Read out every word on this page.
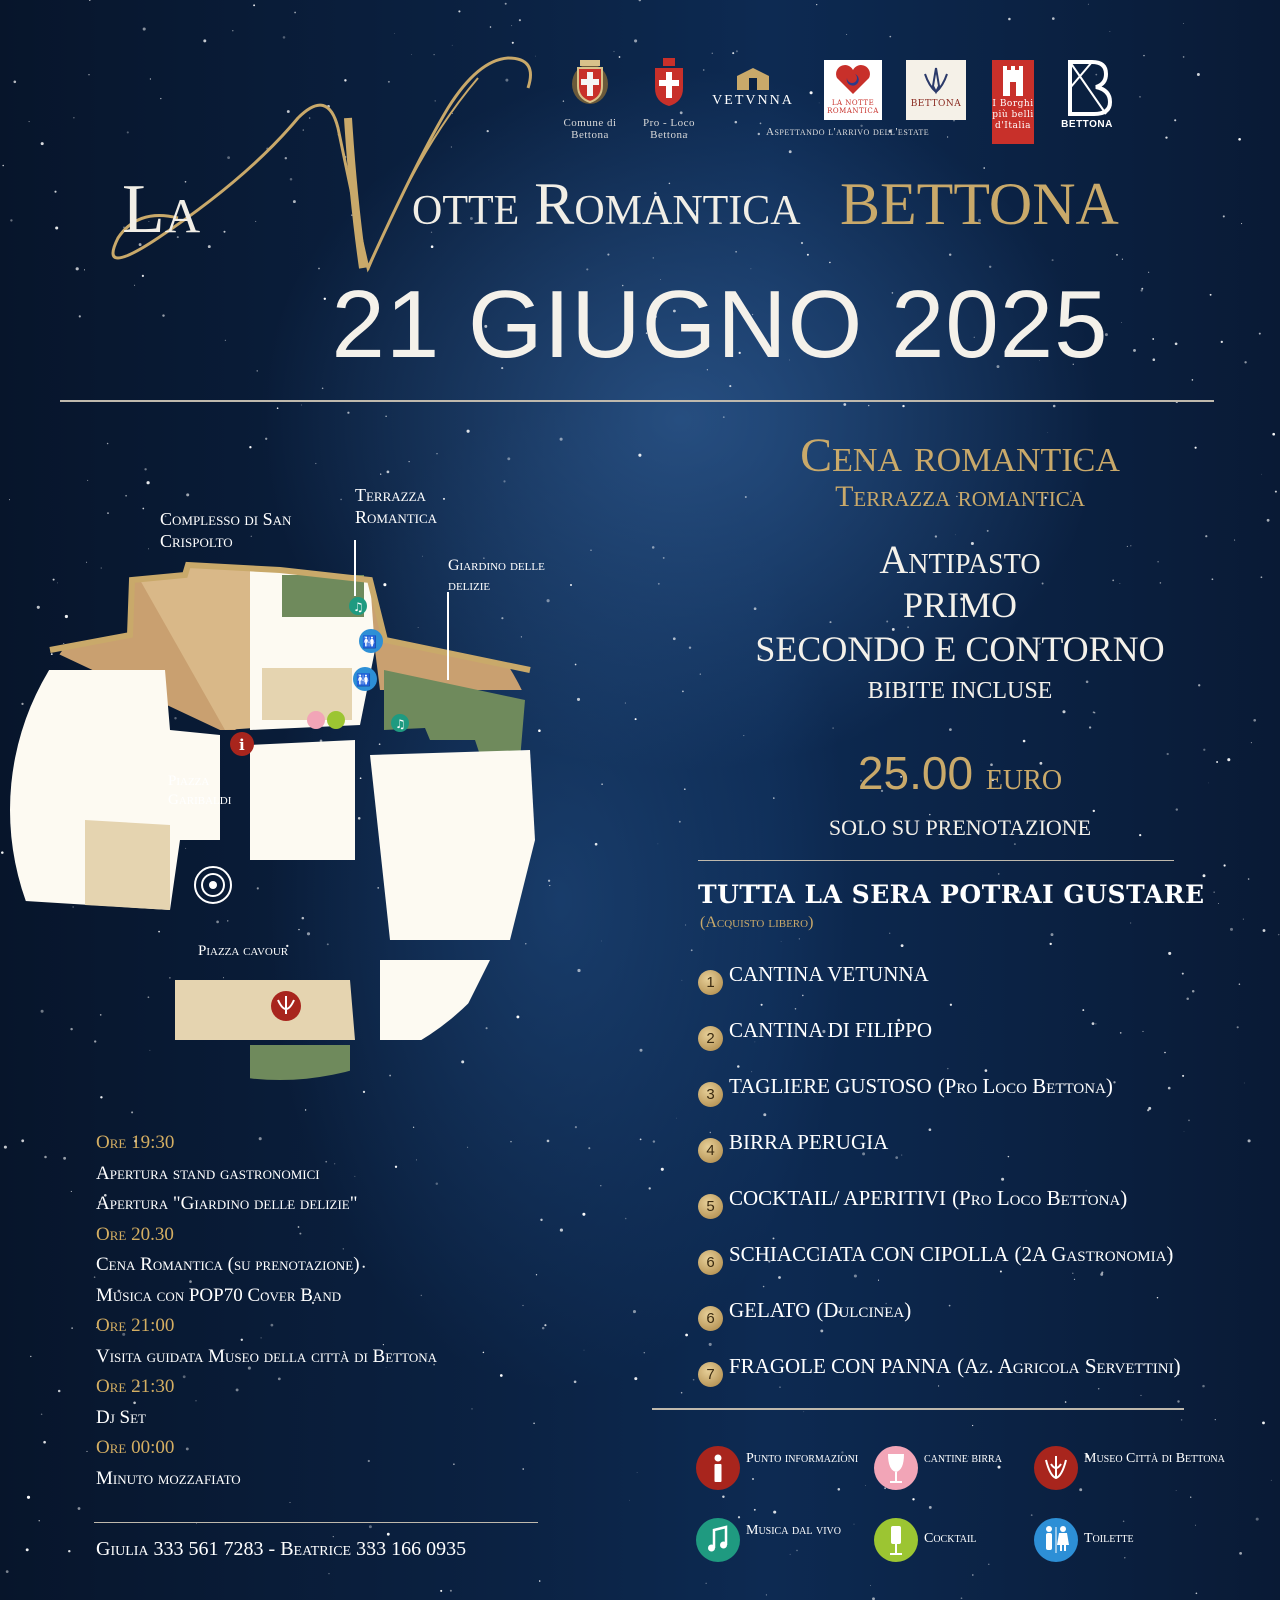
Comune di Bettona
Pro - Loco Bettona
VETVNNA	LA NOTTE ROMANTICA
BETTONA	I Borghi più belli d'Italia	BETTONA
Aspettando l'arrivo dell'estate
La	otte Romantica BETTONA
21 GIUGNO 2025
♫
🚻
🚻
♫
i
Complesso di San Crispolto
Terrazza Romantica
Giardino delle delizie
Piazza Garibaldi
Piazza cavour
Cena romantica
Terrazza romantica
Antipasto
PRIMO
SECONDO E CONTORNO
BIBITE INCLUSE
25.00 euro
SOLO SU PRENOTAZIONE
TUTTA LA SERA POTRAI GUSTARE
(Acquisto libero)
1 CANTINA VETUNNA
2 CANTINA DI FILIPPO
3 TAGLIERE GUSTOSO (Pro Loco Bettona)
4 BIRRA PERUGIA
5 COCKTAIL/ APERITIVI (Pro Loco Bettona)
6 SCHIACCIATA CON CIPOLLA (2A Gastronomia)
6 GELATO (Dulcinea)
7 FRAGOLE CON PANNA (Az. Agricola Servettini)
Ore 19:30
Apertura stand gastronomici
Apertura "Giardino delle delizie"
Ore 20.30
Cena Romantica (su prenotazione)
Musica con POP70 Cover Band
Ore 21:00
Visita guidata Museo della città di Bettona
Ore 21:30
Dj Set
Ore 00:00
Minuto mozzafiato
Giulia 333 561 7283 - Beatrice 333 166 0935
Punto informazioni	cantine birra	Museo Città di Bettona
Musica dal vivo
Cocktail	Toilette
